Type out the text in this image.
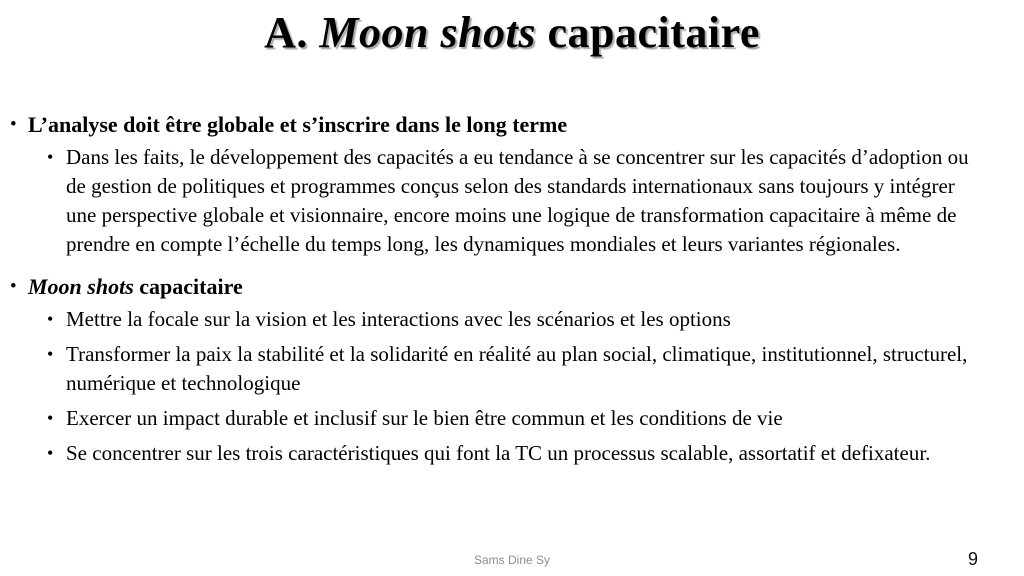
A. Moon shots capacitaire
• L’analyse doit être globale et s’inscrire dans le long terme
• Dans les faits, le développement des capacités a eu tendance à se concentrer sur les capacités d’adoption ou de gestion de politiques et programmes conçus selon des standards internationaux sans toujours y intégrer une perspective globale et visionnaire, encore moins une logique de transformation capacitaire à même de prendre en compte l’échelle du temps long, les dynamiques mondiales et leurs variantes régionales.
• Moon shots capacitaire
• Mettre la focale sur la vision et les interactions avec les scénarios et les options
• Transformer la paix la stabilité et la solidarité en réalité au plan social, climatique, institutionnel, structurel, numérique et technologique
• Exercer un impact durable et inclusif sur le bien être commun et les conditions de vie
• Se concentrer sur les trois caractéristiques qui font la TC un processus scalable, assortatif et defixateur.
Sams Dine Sy	9
